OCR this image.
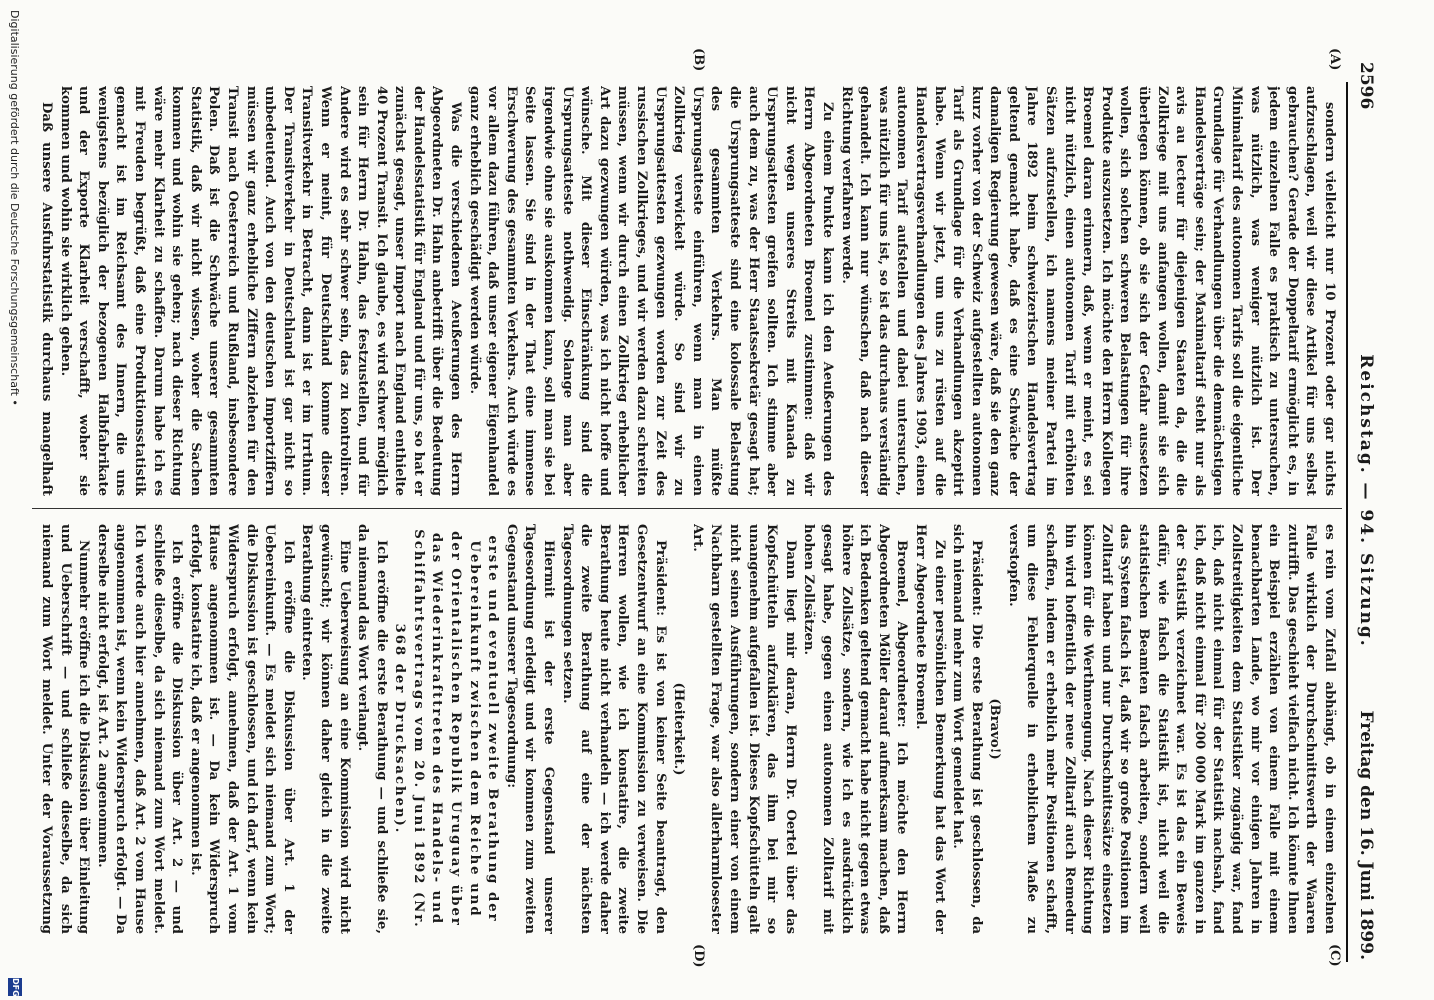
2596
Reichstag. — 94. Sitzung.
Freitag den 16. Juni 1899.
(A)
(B)
(C)
(D)

sondern vielleicht nur 10 Prozent oder gar nichts aufzuschlagen, weil wir diese Artikel für uns selbst gebrauchen? Gerade der Doppeltarif ermöglicht es, in jedem einzelnen Falle es praktisch zu untersuchen, was nützlich, was weniger nützlich ist. Der Minimaltarif des autonomen Tarifs soll die eigentliche Grundlage für Verhandlungen über die demnächstigen Handelsverträge sein; der Maximaltarif steht nur als avis au lecteur für diejenigen Staaten da, die die Zollkriege mit uns anfangen wollen, damit sie sich überlegen können, ob sie sich der Gefahr aussetzen wollen, sich solchen schweren Belastungen für ihre Produkte auszusetzen. Ich möchte den Herrn Kollegen Broemel daran erinnern, daß, wenn er meint, es sei nicht nützlich, einen autonomen Tarif mit erhöhten Sätzen aufzustellen, ich namens meiner Partei im Jahre 1892 beim schweizerischen Handelsvertrag geltend gemacht habe, daß es eine Schwäche der damaligen Regierung gewesen wäre, daß sie den ganz kurz vorher von der Schweiz aufgestellten autonomen Tarif als Grundlage für die Verhandlungen akzeptirt habe. Wenn wir jetzt, um uns zu rüsten auf die Handelsvertragsverhandlungen des Jahres 1903, einen autonomen Tarif aufstellen und dabei untersuchen, was nützlich für uns ist, so ist das durchaus verständig gehandelt. Ich kann nur wünschen, daß nach dieser Richtung verfahren werde.

Zu einem Punkte kann ich den Aeußerungen des Herrn Abgeordneten Broemel zustimmen: daß wir nicht wegen unseres Streits mit Kanada zu Ursprungsattesten greifen sollten. Ich stimme aber auch dem zu, was der Herr Staatssekretär gesagt hat; die Ursprungsatteste sind eine kolossale Belastung des gesammten Verkehrs. Man müßte Ursprungsatteste einführen, wenn man in einen Zollkrieg verwickelt würde. So sind wir zu Ursprungsattesten gezwungen worden zur Zeit des russischen Zollkrieges, und wir werden dazu schreiten müssen, wenn wir durch einen Zollkrieg erheblicher Art dazu gezwungen würden, was ich nicht hoffe und wünsche. Mit dieser Einschränkung sind die Ursprungsatteste nothwendig. Solange man aber irgendwie ohne sie auskommen kann, soll man sie bei Seite lassen. Sie sind in der That eine immense Erschwerung des gesammten Verkehrs. Auch würde es vor allem dazu führen, daß unser eigener Eigenhandel ganz erheblich geschädigt werden würde.

Was die verschiedenen Aeußerungen des Herrn Abgeordneten Dr. Hahn anbetrifft über die Bedeutung der Handelsstatistik für England und für uns, so hat er zunächst gesagt, unser Import nach England enthielte 40 Prozent Transit. Ich glaube, es wird schwer möglich sein für Herrn Dr. Hahn, das festzustellen, und für Andere wird es sehr schwer sein, das zu kontroliren. Wenn er meint, für Deutschland komme dieser Transitverkehr in Betracht, dann ist er im Irrthum. Der Transitverkehr in Deutschland ist gar nicht so unbedeutend. Auch von den deutschen Importziffern müssen wir ganz erhebliche Ziffern abziehen für den Transit nach Oesterreich und Rußland, insbesondere Polen. Daß ist die Schwäche unserer gesammten Statistik, daß wir nicht wissen, woher die Sachen kommen und wohin sie gehen; nach dieser Richtung wäre mehr Klarheit zu schaffen. Darum habe ich es mit Freuden begrüßt, daß eine Produktionsstatistik gemacht ist im Reichsamt des Innern, die uns wenigstens bezüglich der bezogenen Halbfabrikate und der Exporte Klarheit verschafft, woher sie kommen und wohin sie wirklich gehen.

Daß unsere Ausfuhrstatistik durchaus mangelhaft

es rein vom Zufall abhängt, ob in einem einzelnen Falle wirklich der Durchschnittswerth der Waaren zutrifft. Das geschieht vielfach nicht. Ich könnte Ihnen ein Beispiel erzählen von einem Falle mit einem benachbarten Lande, wo mir vor einigen Jahren in Zollstreitigkeiten dem Statistiker zugängig war, fand ich, daß nicht einmal für der Statistik nachsah, fand ich, daß nicht einmal für 200 000 Mark im ganzen in der Statistik verzeichnet war. Es ist das ein Beweis dafür, wie falsch die Statistik ist, nicht weil die statistischen Beamten falsch arbeiten, sondern weil das System falsch ist, daß wir so große Positionen im Zolltarif haben und nur Durchschnittssätze einsetzen können für die Werthmengung. Nach dieser Richtung hin wird hoffentlich der neue Zolltarif auch Remedur schaffen, indem er erheblich mehr Positionen schafft, um diese Fehlerquelle in erheblichem Maße zu verstopfen.

(Bravo!)

Präsident: Die erste Berathung ist geschlossen, da sich niemand mehr zum Wort gemeldet hat.

Zu einer persönlichen Bemerkung hat das Wort der Herr Abgeordnete Broemel.

Broemel, Abgeordneter: Ich möchte den Herrn Abgeordneten Möller darauf aufmerksam machen, daß ich Bedenken geltend gemacht habe nicht gegen etwas höhere Zollsätze, sondern, wie ich es ausdrücklich gesagt habe, gegen einen autonomen Zolltarif mit hohen Zollsätzen.

Dann liegt mir daran, Herrn Dr. Oertel über das Kopfschütteln aufzuklären, das ihm bei mir so unangenehm aufgefallen ist. Dieses Kopfschütteln galt nicht seinen Ausführungen, sondern einer von einem Nachbarn gestellten Frage, war also allerharmlosester Art.

(Heiterkeit.)

Präsident: Es ist von keiner Seite beantragt, den Gesetzentwurf an eine Kommission zu verweisen. Die Herren wollen, wie ich konstatire, die zweite Berathung heute nicht verhandeln — ich werde daher die zweite Berathung auf eine der nächsten Tagesordnungen setzen.

Hiermit ist der erste Gegenstand unserer Tagesordnung erledigt und wir kommen zum zweiten Gegenstand unserer Tagesordnung:

erste und eventuell zweite Berathung der Uebereinkunft zwischen dem Reiche und der Orientalischen Republik Uruguay über das Wiederinkrafttreten des Handels- und Schiffahrtsvertrags vom 20. Juni 1892 (Nr. 368 der Drucksachen).

Ich eröffne die erste Berathung — und schließe sie, da niemand das Wort verlangt.

Eine Ueberweisung an eine Kommission wird nicht gewünscht; wir können daher gleich in die zweite Berathung eintreten.

Ich eröffne die Diskussion über Art. 1 der Uebereinkunft. — Es meldet sich niemand zum Wort; die Diskussion ist geschlossen, und ich darf, wenn kein Widerspruch erfolgt, annehmen, daß der Art. 1 vom Hause angenommen ist. — Da kein Widerspruch erfolgt, konstatire ich, daß er angenommen ist.

Ich eröffne die Diskussion über Art. 2 — und schließe dieselbe, da sich niemand zum Wort meldet. Ich werde auch hier annehmen, daß Art. 2 vom Hause angenommen ist, wenn kein Widerspruch erfolgt. — Da derselbe nicht erfolgt, ist Art. 2 angenommen.

Nunmehr eröffne ich die Diskussion über Einleitung und Ueberschrift — und schließe dieselbe, da sich niemand zum Wort meldet. Unter der Voraussetzung

Digitalisierung gefördert durch die Deutsche Forschungsgemeinschaft •
DFG
